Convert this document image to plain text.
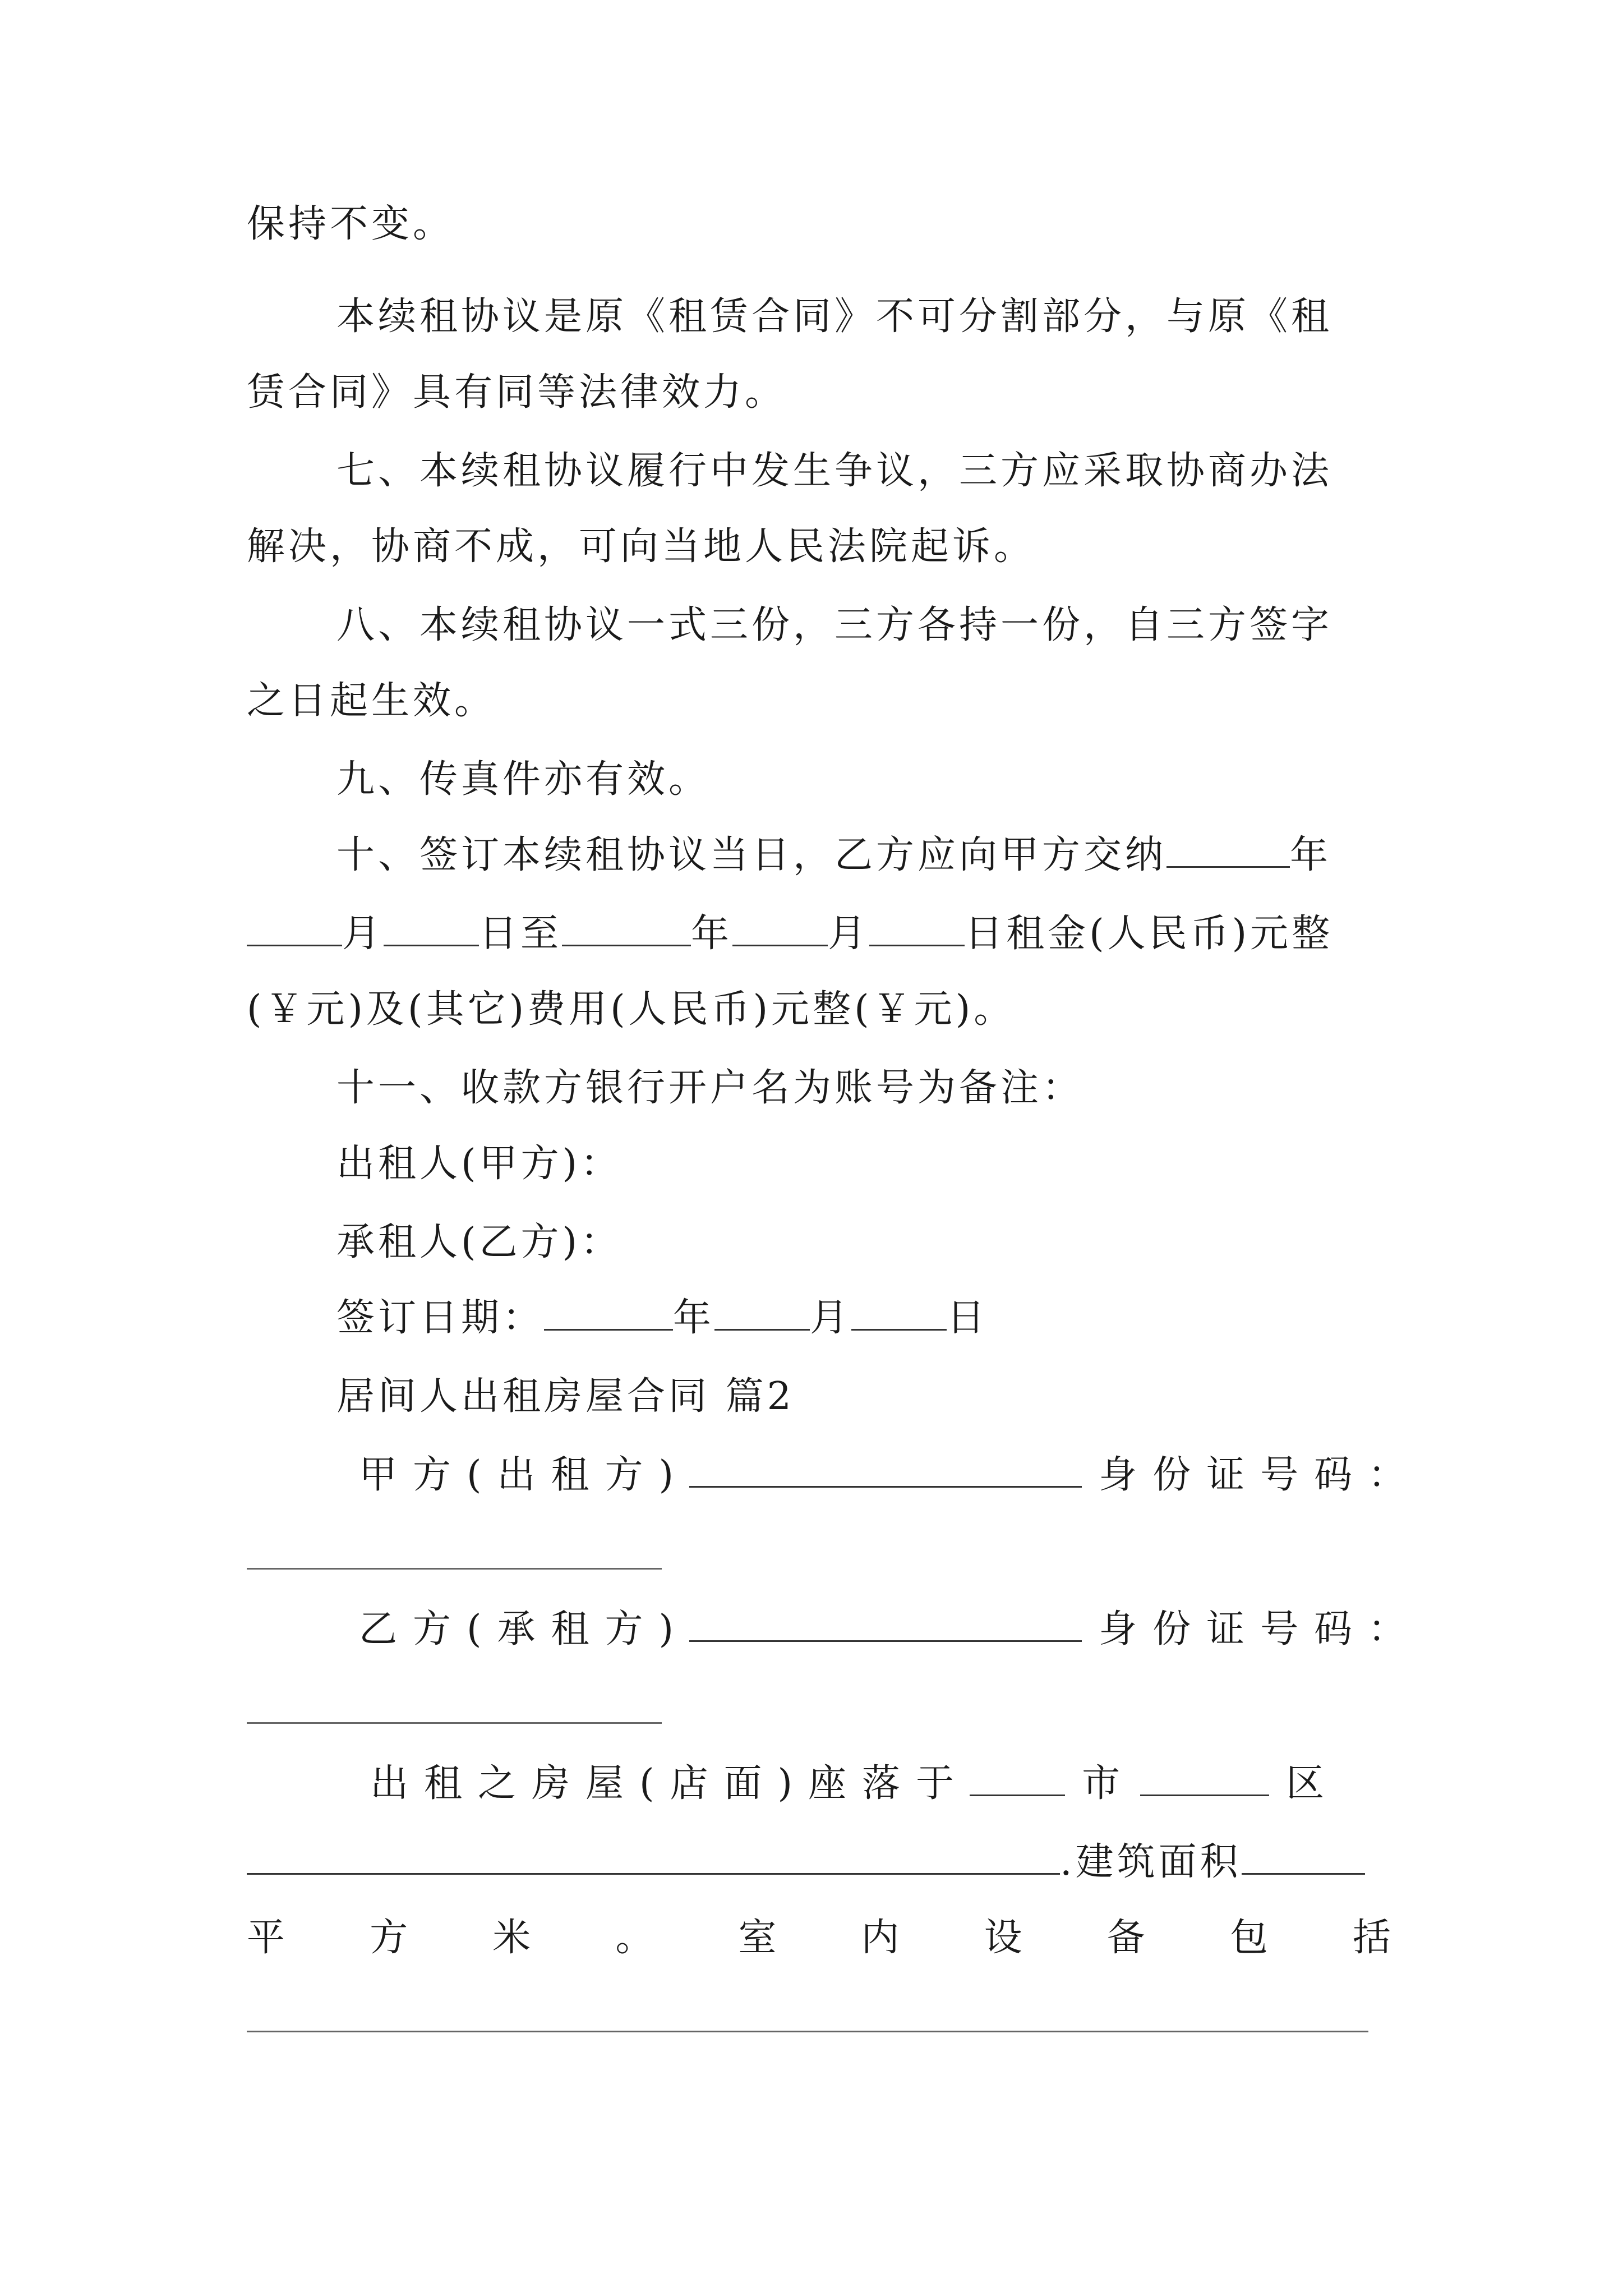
保持不变。
本续租协议是原《租赁合同》不可分割部分，与原《租
赁合同》具有同等法律效力。
七、本续租协议履行中发生争议，三方应采取协商办法
解决，协商不成，可向当地人民法院起诉。
八、本续租协议一式三份，三方各持一份，自三方签字
之日起生效。
九、传真件亦有效。
十、签订本续租协议当日，乙方应向甲方交纳	年
月	日至	年	月	日租金(人民币)元整
(￥元)及(其它)费用(人民币)元整(￥元)。
十一、收款方银行开户名为账号为备注：
出租人(甲方)：
承租人(乙方)：
签订日期：	年	月	日
居间人出租房屋合同 篇2
甲方(出租方)	身份证号码：
乙方(承租方)	身份证号码：
出租之房屋(店面)座落于	市	区
.建筑面积
平 方 米 。 室 内 设 备 包 括
